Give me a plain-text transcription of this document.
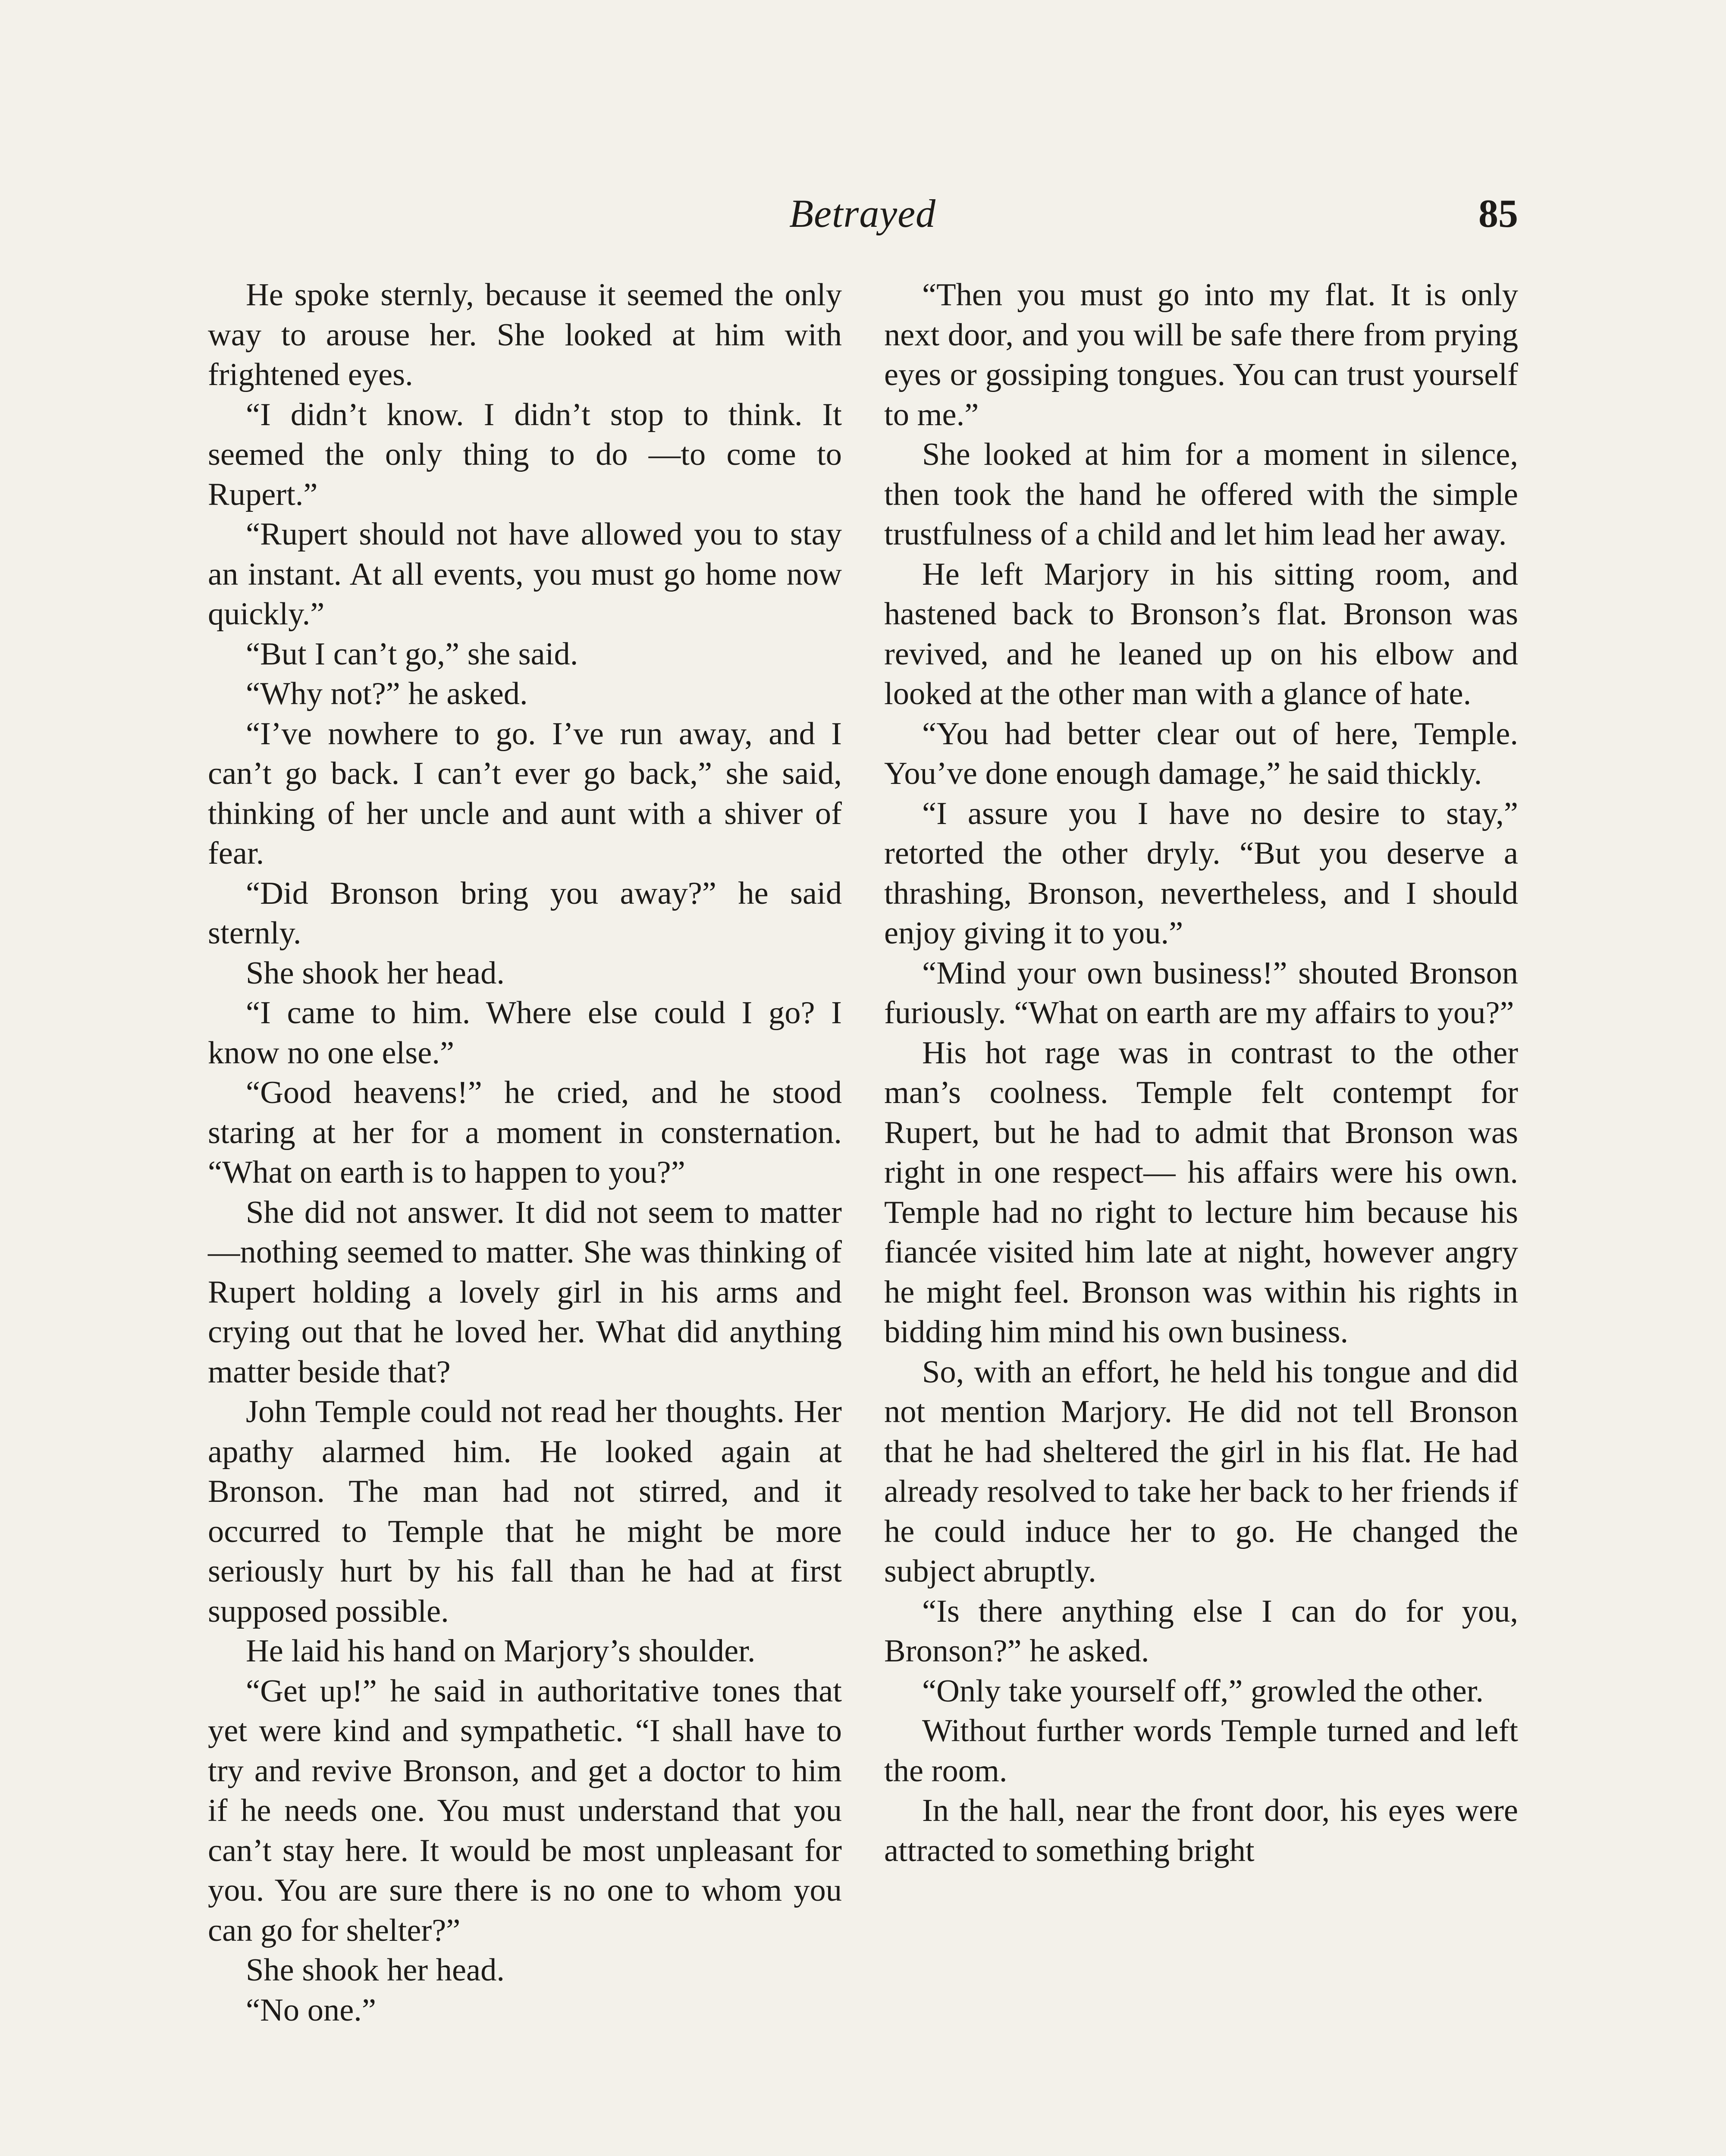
Betrayed	85

He spoke sternly, because it seemed the only way to arouse her. She looked at him with frightened eyes.

“I didn’t know. I didn’t stop to think. It seemed the only thing to do —to come to Rupert.”

“Rupert should not have allowed you to stay an instant. At all events, you must go home now quickly.”

“But I can’t go,” she said.

“Why not?” he asked.

“I’ve nowhere to go. I’ve run away, and I can’t go back. I can’t ever go back,” she said, thinking of her uncle and aunt with a shiver of fear.

“Did Bronson bring you away?” he said sternly.

She shook her head.

“I came to him. Where else could I go? I know no one else.”

“Good heavens!” he cried, and he stood staring at her for a moment in consternation. “What on earth is to happen to you?”

She did not answer. It did not seem to matter—nothing seemed to matter. She was thinking of Rupert holding a lovely girl in his arms and crying out that he loved her. What did anything matter beside that?

John Temple could not read her thoughts. Her apathy alarmed him. He looked again at Bronson. The man had not stirred, and it occurred to Temple that he might be more seriously hurt by his fall than he had at first supposed possible.

He laid his hand on Marjory’s shoulder.

“Get up!” he said in authoritative tones that yet were kind and sympathetic. “I shall have to try and revive Bronson, and get a doctor to him if he needs one. You must understand that you can’t stay here. It would be most unpleasant for you. You are sure there is no one to whom you can go for shelter?”

She shook her head.

“No one.”

“Then you must go into my flat. It is only next door, and you will be safe there from prying eyes or gossiping tongues. You can trust yourself to me.”

She looked at him for a moment in silence, then took the hand he offered with the simple trustfulness of a child and let him lead her away.

He left Marjory in his sitting room, and hastened back to Bronson’s flat. Bronson was revived, and he leaned up on his elbow and looked at the other man with a glance of hate.

“You had better clear out of here, Temple. You’ve done enough damage,” he said thickly.

“I assure you I have no desire to stay,” retorted the other dryly. “But you deserve a thrashing, Bronson, nevertheless, and I should enjoy giving it to you.”

“Mind your own business!” shouted Bronson furiously. “What on earth are my affairs to you?”

His hot rage was in contrast to the other man’s coolness. Temple felt contempt for Rupert, but he had to admit that Bronson was right in one respect— his affairs were his own. Temple had no right to lecture him because his fiancée visited him late at night, however angry he might feel. Bronson was within his rights in bidding him mind his own business.

So, with an effort, he held his tongue and did not mention Marjory. He did not tell Bronson that he had sheltered the girl in his flat. He had already resolved to take her back to her friends if he could induce her to go. He changed the subject abruptly.

“Is there anything else I can do for you, Bronson?” he asked.

“Only take yourself off,” growled the other.

Without further words Temple turned and left the room.

In the hall, near the front door, his eyes were attracted to something bright
